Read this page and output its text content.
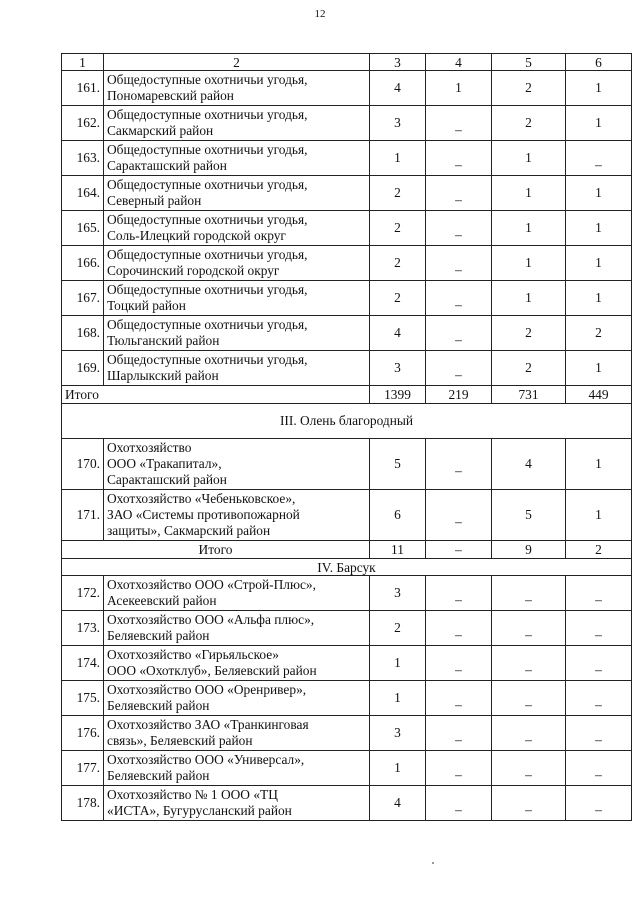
12
1	2	3	4	5	6
161.	Общедоступные охотничьи угодья,
Пономаревский район	4	1	2	1
162.	Общедоступные охотничьи угодья,
Сакмарский район	3	–	2	1
163.	Общедоступные охотничьи угодья,
Саракташский район	1	–	1	–
164.	Общедоступные охотничьи угодья,
Северный район	2	–	1	1
165.	Общедоступные охотничьи угодья,
Соль-Илецкий городской округ	2	–	1	1
166.	Общедоступные охотничьи угодья,
Сорочинский городской округ	2	–	1	1
167.	Общедоступные охотничьи угодья,
Тоцкий район	2	–	1	1
168.	Общедоступные охотничьи угодья,
Тюльганский район	4	–	2	2
169.	Общедоступные охотничьи угодья,
Шарлыкский район	3	–	2	1
Итого		1399	219	731	449
III. Олень благородный					
170.	Охотхозяйство
ООО «Тракапитал»,
Саракташский район	5	–	4	1
171.	Охотхозяйство «Чебеньковское»,
ЗАО «Системы противопожарной
защиты», Сакмарский район	6	–	5	1
Итого		11	–	9	2
IV. Барсук					
172.	Охотхозяйство ООО «Строй-Плюс»,
Асекеевский район	3	–	–	–
173.	Охотхозяйство ООО «Альфа плюс»,
Беляевский район	2	–	–	–
174.	Охотхозяйство «Гирьяльское»
ООО «Охотклуб», Беляевский район	1	–	–	–
175.	Охотхозяйство ООО «Оренривер»,
Беляевский район	1	–	–	–
176.	Охотхозяйство ЗАО «Транкинговая
связь», Беляевский район	3	–	–	–
177.	Охотхозяйство ООО «Универсал»,
Беляевский район	1	–	–	–
178.	Охотхозяйство № 1 ООО «ТЦ
«ИСТА», Бугурусланский район	4	–	–	–
